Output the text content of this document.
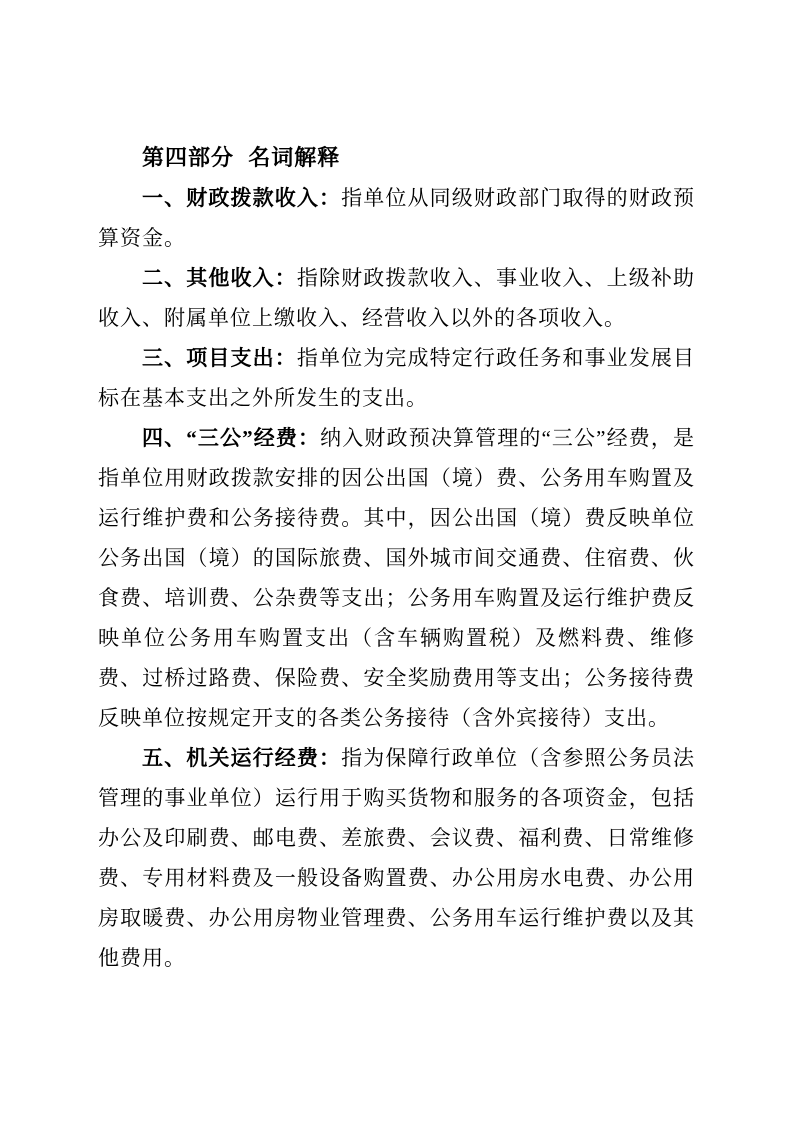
第四部分  名词解释

一、财政拨款收入：指单位从同级财政部门取得的财政预算资金。

二、其他收入：指除财政拨款收入、事业收入、上级补助收入、附属单位上缴收入、经营收入以外的各项收入。

三、项目支出：指单位为完成特定行政任务和事业发展目标在基本支出之外所发生的支出。

四、“三公”经费：纳入财政预决算管理的“三公”经费，是指单位用财政拨款安排的因公出国（境）费、公务用车购置及运行维护费和公务接待费。其中，因公出国（境）费反映单位公务出国（境）的国际旅费、国外城市间交通费、住宿费、伙食费、培训费、公杂费等支出；公务用车购置及运行维护费反映单位公务用车购置支出（含车辆购置税）及燃料费、维修费、过桥过路费、保险费、安全奖励费用等支出；公务接待费反映单位按规定开支的各类公务接待（含外宾接待）支出。

五、机关运行经费：指为保障行政单位（含参照公务员法管理的事业单位）运行用于购买货物和服务的各项资金，包括办公及印刷费、邮电费、差旅费、会议费、福利费、日常维修费、专用材料费及一般设备购置费、办公用房水电费、办公用房取暖费、办公用房物业管理费、公务用车运行维护费以及其他费用。
